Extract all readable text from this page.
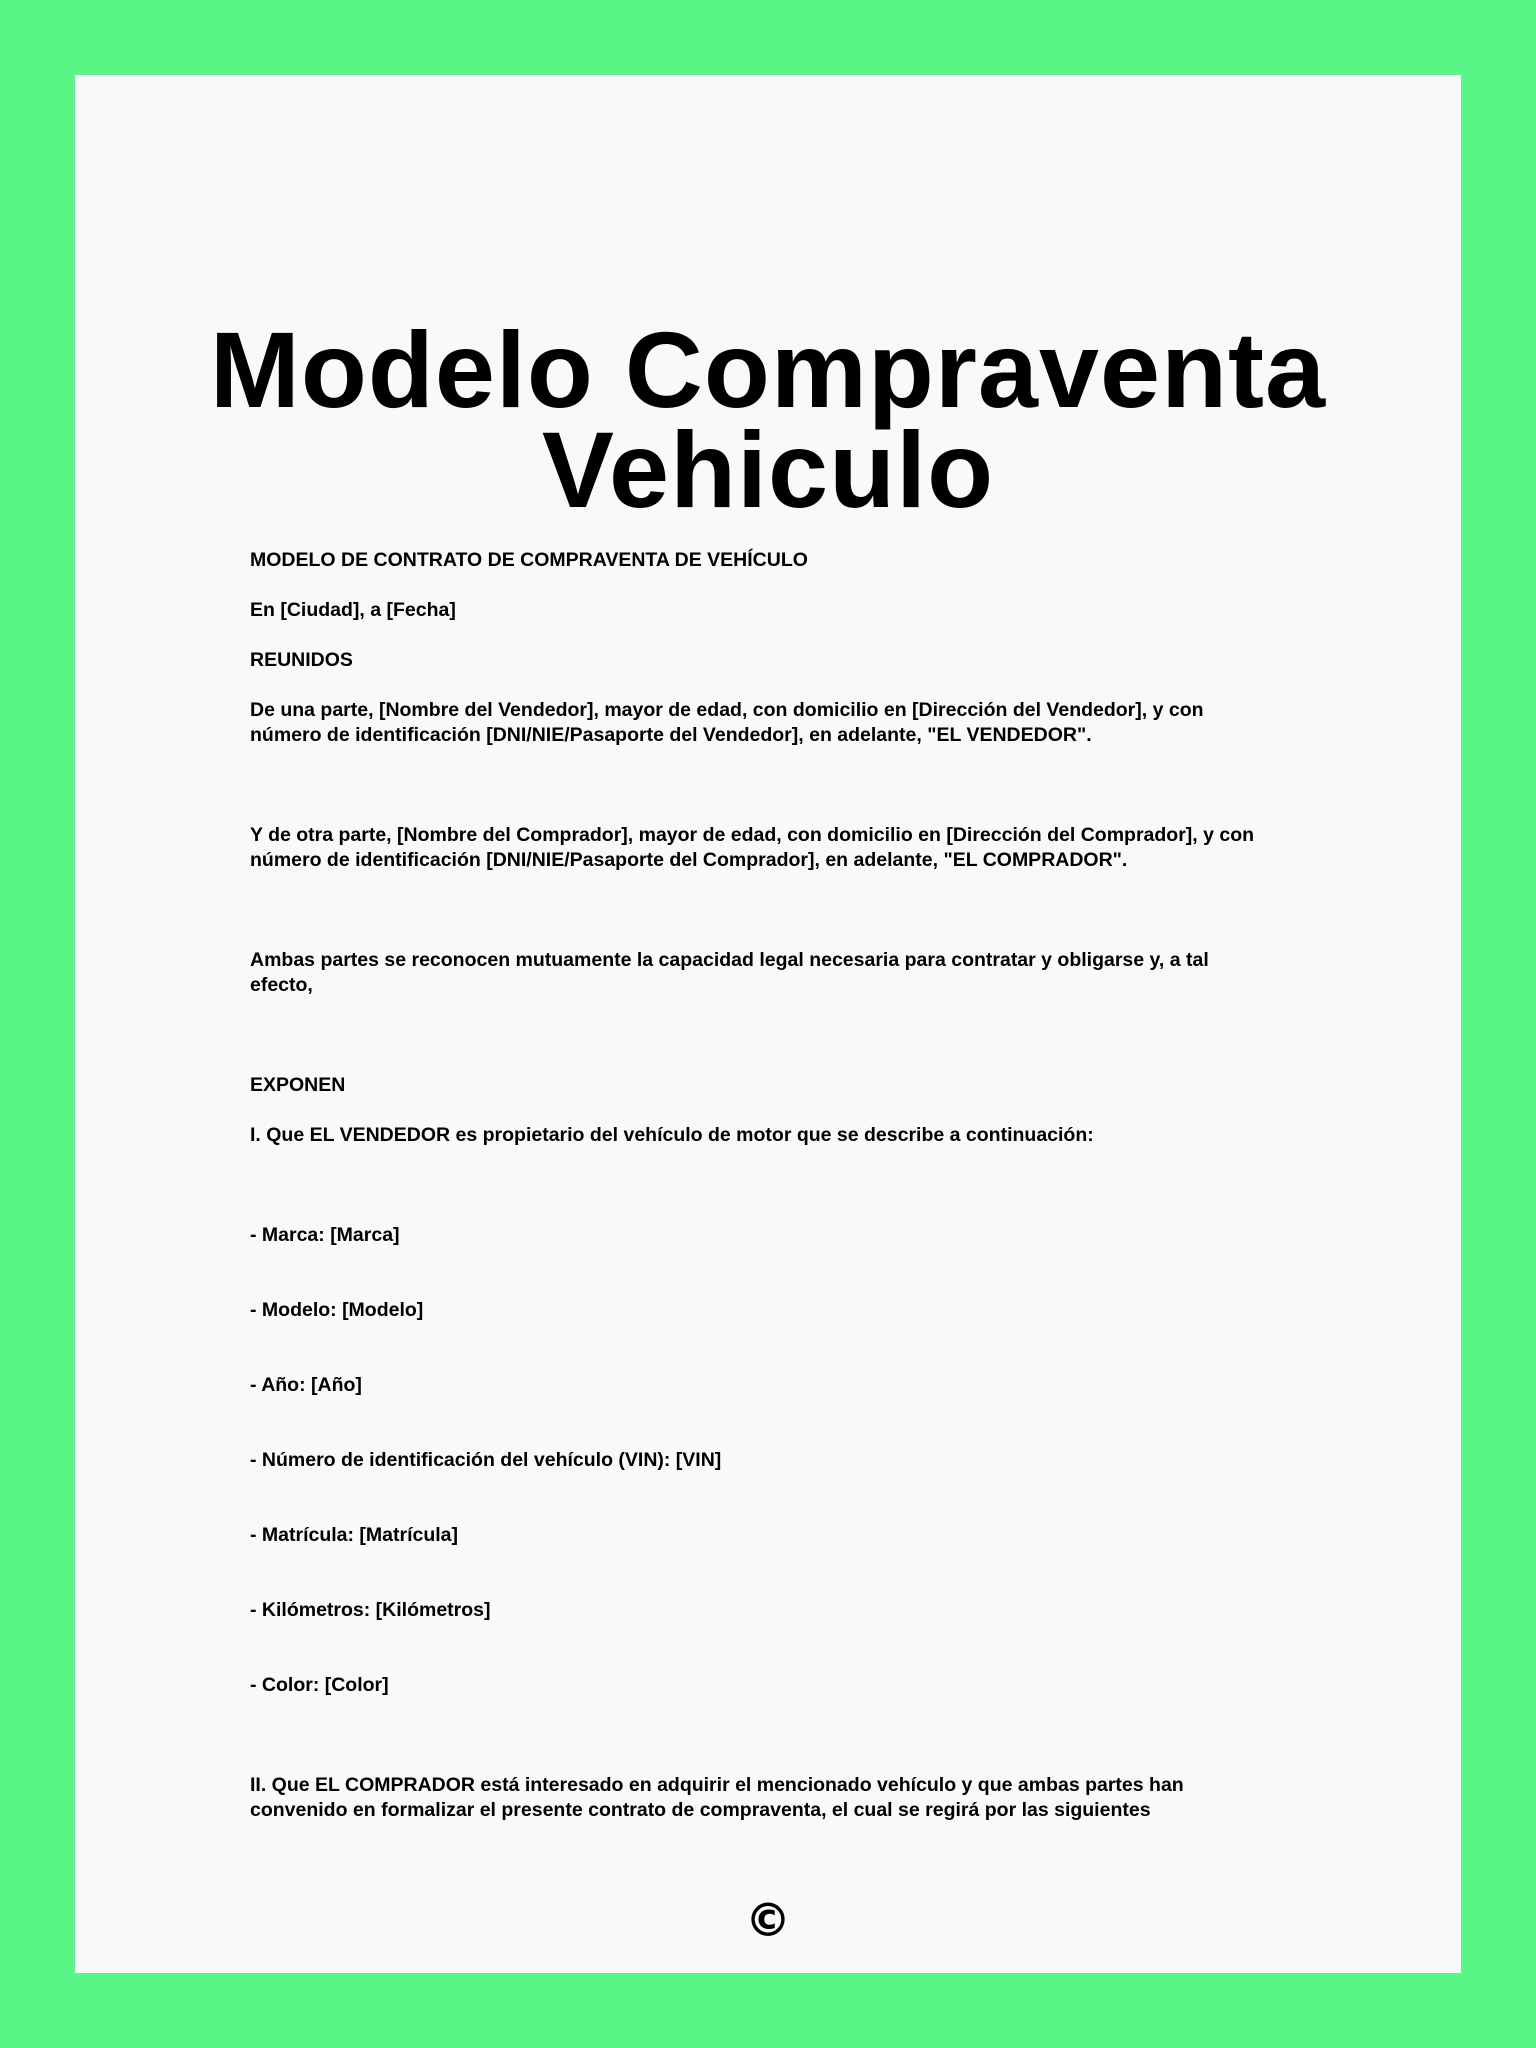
Modelo Compraventa
Vehiculo

MODELO DE CONTRATO DE COMPRAVENTA DE VEHÍCULO

En [Ciudad], a [Fecha]

REUNIDOS

De una parte, [Nombre del Vendedor], mayor de edad, con domicilio en [Dirección del Vendedor], y con número de identificación [DNI/NIE/Pasaporte del Vendedor], en adelante, "EL VENDEDOR".

Y de otra parte, [Nombre del Comprador], mayor de edad, con domicilio en [Dirección del Comprador], y con número de identificación [DNI/NIE/Pasaporte del Comprador], en adelante, "EL COMPRADOR".

Ambas partes se reconocen mutuamente la capacidad legal necesaria para contratar y obligarse y, a tal efecto,

EXPONEN

I. Que EL VENDEDOR es propietario del vehículo de motor que se describe a continuación:

- Marca: [Marca]

- Modelo: [Modelo]

- Año: [Año]

- Número de identificación del vehículo (VIN): [VIN]

- Matrícula: [Matrícula]

- Kilómetros: [Kilómetros]

- Color: [Color]

II. Que EL COMPRADOR está interesado en adquirir el mencionado vehículo y que ambas partes han convenido en formalizar el presente contrato de compraventa, el cual se regirá por las siguientes

©
